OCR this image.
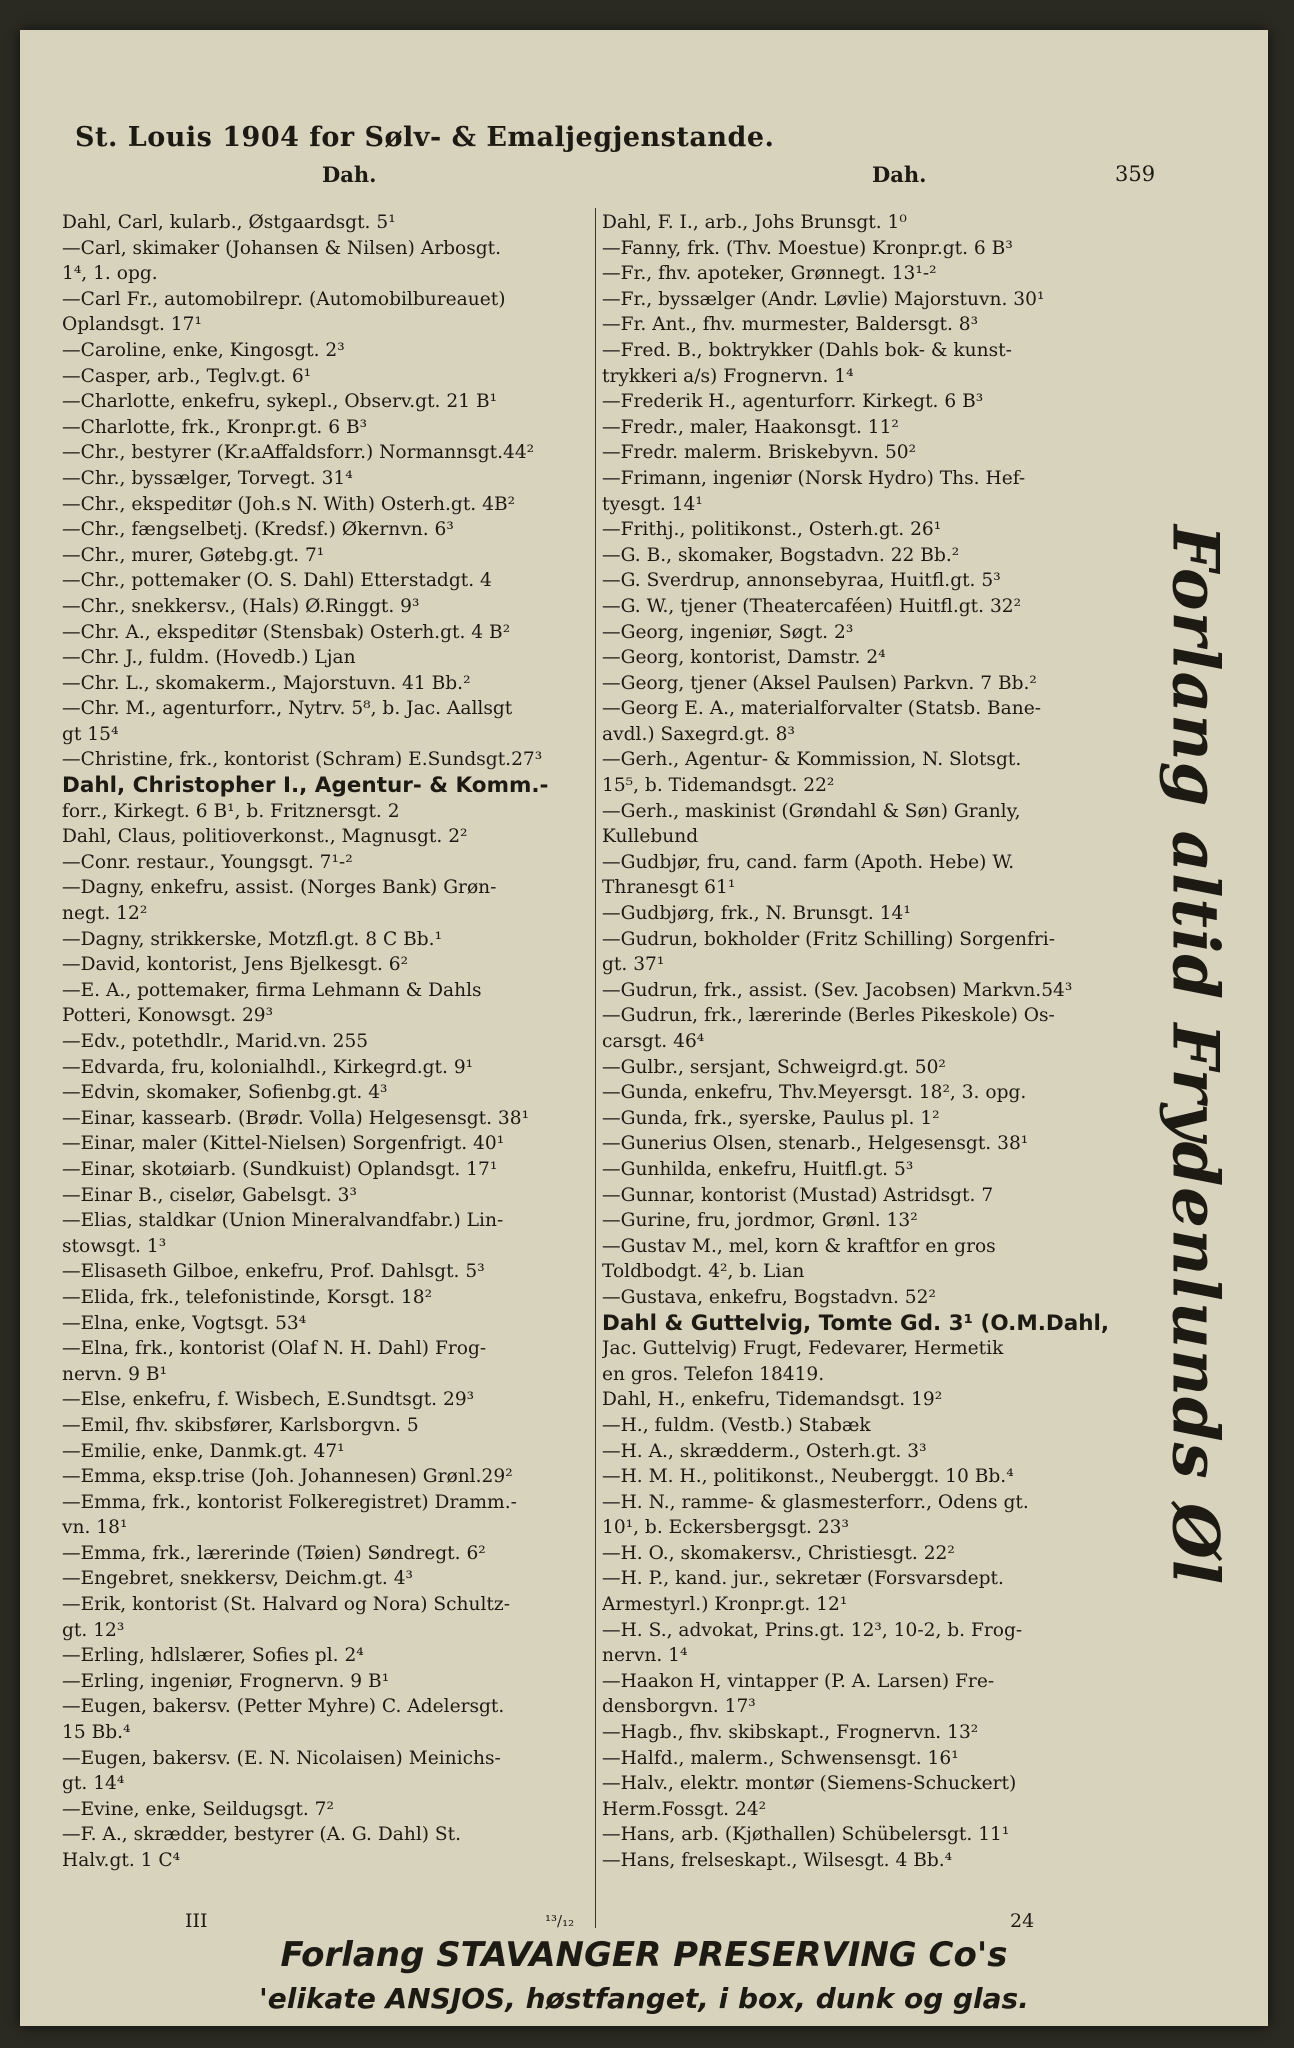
St. Louis 1904 for Sølv- & Emaljegjenstande.
Dah.	Dah.	359
Dahl, Carl, kularb., Østgaardsgt. 5¹
—Carl, skimaker (Johansen & Nilsen) Arbosgt.
1⁴, 1. opg.
—Carl Fr., automobilrepr. (Automobilbureauet)
Oplandsgt. 17¹
—Caroline, enke, Kingosgt. 2³
—Casper, arb., Teglv.gt. 6¹
—Charlotte, enkefru, sykepl., Observ.gt. 21 B¹
—Charlotte, frk., Kronpr.gt. 6 B³
—Chr., bestyrer (Kr.aAffaldsforr.) Normannsgt.44²
—Chr., byssælger, Torvegt. 31⁴
—Chr., ekspeditør (Joh.s N. With) Osterh.gt. 4B²
—Chr., fængselbetj. (Kredsf.) Økernvn. 6³
—Chr., murer, Gøtebg.gt. 7¹
—Chr., pottemaker (O. S. Dahl) Etterstadgt. 4
—Chr., snekkersv., (Hals) Ø.Ringgt. 9³
—Chr. A., ekspeditør (Stensbak) Osterh.gt. 4 B²
—Chr. J., fuldm. (Hovedb.) Ljan
—Chr. L., skomakerm., Majorstuvn. 41 Bb.²
—Chr. M., agenturforr., Nytrv. 5⁸, b. Jac. Aallsgt
gt 15⁴
—Christine, frk., kontorist (Schram) E.Sundsgt.27³
Dahl, Christopher I., Agentur- & Komm.-
forr., Kirkegt. 6 B¹, b. Fritznersgt. 2
Dahl, Claus, politioverkonst., Magnusgt. 2²
—Conr. restaur., Youngsgt. 7¹-²
—Dagny, enkefru, assist. (Norges Bank) Grøn-
negt. 12²
—Dagny, strikkerske, Motzfl.gt. 8 C Bb.¹
—David, kontorist, Jens Bjelkesgt. 6²
—E. A., pottemaker, firma Lehmann & Dahls
Potteri, Konowsgt. 29³
—Edv., potethdlr., Marid.vn. 255
—Edvarda, fru, kolonialhdl., Kirkegrd.gt. 9¹
—Edvin, skomaker, Sofienbg.gt. 4³
—Einar, kassearb. (Brødr. Volla) Helgesensgt. 38¹
—Einar, maler (Kittel-Nielsen) Sorgenfrigt. 40¹
—Einar, skotøiarb. (Sundkuist) Oplandsgt. 17¹
—Einar B., ciselør, Gabelsgt. 3³
—Elias, staldkar (Union Mineralvandfabr.) Lin-
stowsgt. 1³
—Elisaseth Gilboe, enkefru, Prof. Dahlsgt. 5³
—Elida, frk., telefonistinde, Korsgt. 18²
—Elna, enke, Vogtsgt. 53⁴
—Elna, frk., kontorist (Olaf N. H. Dahl) Frog-
nervn. 9 B¹
—Else, enkefru, f. Wisbech, E.Sundtsgt. 29³
—Emil, fhv. skibsfører, Karlsborgvn. 5
—Emilie, enke, Danmk.gt. 47¹
—Emma, eksp.trise (Joh. Johannesen) Grønl.29²
—Emma, frk., kontorist Folkeregistret) Dramm.-
vn. 18¹
—Emma, frk., lærerinde (Tøien) Søndregt. 6²
—Engebret, snekkersv, Deichm.gt. 4³
—Erik, kontorist (St. Halvard og Nora) Schultz-
gt. 12³
—Erling, hdlslærer, Sofies pl. 2⁴
—Erling, ingeniør, Frognervn. 9 B¹
—Eugen, bakersv. (Petter Myhre) C. Adelersgt.
15 Bb.⁴
—Eugen, bakersv. (E. N. Nicolaisen) Meinichs-
gt. 14⁴
—Evine, enke, Seildugsgt. 7²
—F. A., skrædder, bestyrer (A. G. Dahl) St.
Halv.gt. 1 C⁴
Dahl, F. I., arb., Johs Brunsgt. 1⁰
—Fanny, frk. (Thv. Moestue) Kronpr.gt. 6 B³
—Fr., fhv. apoteker, Grønnegt. 13¹-²
—Fr., byssælger (Andr. Løvlie) Majorstuvn. 30¹
—Fr. Ant., fhv. murmester, Baldersgt. 8³
—Fred. B., boktrykker (Dahls bok- & kunst-
trykkeri a/s) Frognervn. 1⁴
—Frederik H., agenturforr. Kirkegt. 6 B³
—Fredr., maler, Haakonsgt. 11²
—Fredr. malerm. Briskebyvn. 50²
—Frimann, ingeniør (Norsk Hydro) Ths. Hef-
tyesgt. 14¹
—Frithj., politikonst., Osterh.gt. 26¹
—G. B., skomaker, Bogstadvn. 22 Bb.²
—G. Sverdrup, annonsebyraa, Huitfl.gt. 5³
—G. W., tjener (Theatercaféen) Huitfl.gt. 32²
—Georg, ingeniør, Søgt. 2³
—Georg, kontorist, Damstr. 2⁴
—Georg, tjener (Aksel Paulsen) Parkvn. 7 Bb.²
—Georg E. A., materialforvalter (Statsb. Bane-
avdl.) Saxegrd.gt. 8³
—Gerh., Agentur- & Kommission, N. Slotsgt.
15⁵, b. Tidemandsgt. 22²
—Gerh., maskinist (Grøndahl & Søn) Granly,
Kullebund
—Gudbjør, fru, cand. farm (Apoth. Hebe) W.
Thranesgt 61¹
—Gudbjørg, frk., N. Brunsgt. 14¹
—Gudrun, bokholder (Fritz Schilling) Sorgenfri-
gt. 37¹
—Gudrun, frk., assist. (Sev. Jacobsen) Markvn.54³
—Gudrun, frk., lærerinde (Berles Pikeskole) Os-
carsgt. 46⁴
—Gulbr., sersjant, Schweigrd.gt. 50²
—Gunda, enkefru, Thv.Meyersgt. 18², 3. opg.
—Gunda, frk., syerske, Paulus pl. 1²
—Gunerius Olsen, stenarb., Helgesensgt. 38¹
—Gunhilda, enkefru, Huitfl.gt. 5³
—Gunnar, kontorist (Mustad) Astridsgt. 7
—Gurine, fru, jordmor, Grønl. 13²
—Gustav M., mel, korn & kraftfor en gros
Toldbodgt. 4², b. Lian
—Gustava, enkefru, Bogstadvn. 52²
Dahl & Guttelvig, Tomte Gd. 3¹ (O.M.Dahl,
Jac. Guttelvig) Frugt, Fedevarer, Hermetik
en gros. Telefon 18419.
Dahl, H., enkefru, Tidemandsgt. 19²
—H., fuldm. (Vestb.) Stabæk
—H. A., skrædderm., Osterh.gt. 3³
—H. M. H., politikonst., Neuberggt. 10 Bb.⁴
—H. N., ramme- & glasmesterforr., Odens gt.
10¹, b. Eckersbergsgt. 23³
—H. O., skomakersv., Christiesgt. 22²
—H. P., kand. jur., sekretær (Forsvarsdept.
Armestyrl.) Kronpr.gt. 12¹
—H. S., advokat, Prins.gt. 12³, 10-2, b. Frog-
nervn. 1⁴
—Haakon H, vintapper (P. A. Larsen) Fre-
densborgvn. 17³
—Hagb., fhv. skibskapt., Frognervn. 13²
—Halfd., malerm., Schwensensgt. 16¹
—Halv., elektr. montør (Siemens-Schuckert)
Herm.Fossgt. 24²
—Hans, arb. (Kjøthallen) Schübelersgt. 11¹
—Hans, frelseskapt., Wilsesgt. 4 Bb.⁴
Forlang altid Frydenlunds Øl
III	¹³/₁₂	24
Forlang STAVANGER PRESERVING Co's
'elikate ANSJOS, høstfanget, i box, dunk og glas.
